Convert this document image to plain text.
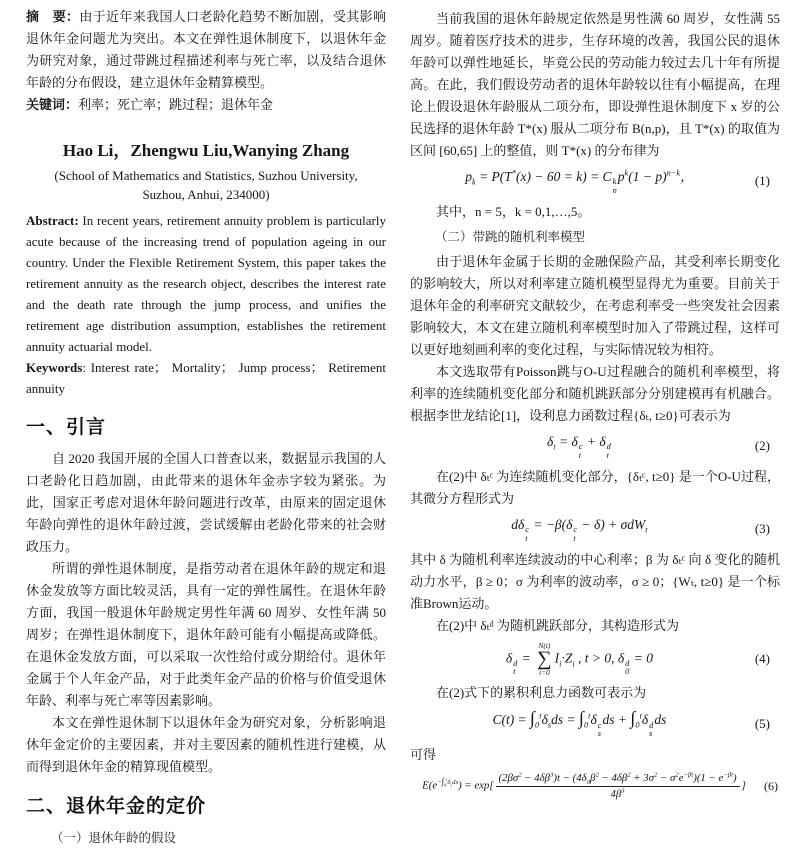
摘　要：由于近年来我国人口老龄化趋势不断加剧，受其影响退休年金问题尤为突出。本文在弹性退休制度下，以退休年金为研究对象，通过带跳过程描述利率与死亡率，以及结合退休年龄的分布假设，建立退休年金精算模型。

关键词：利率；死亡率；跳过程；退休年金

Hao Li，Zhengwu Liu,Wanying Zhang

(School of Mathematics and Statistics, Suzhou University, Suzhou, Anhui, 234000)

Abstract: In recent years, retirement annuity problem is particularly acute because of the increasing trend of population ageing in our country. Under the Flexible Retirement System, this paper takes the retirement annuity as the research object, describes the interest rate and the death rate through the jump process, and unifies the retirement age distribution assumption, establishes the retirement annuity actuarial model.

Keywords: Interest rate； Mortality； Jump process； Retirement annuity

一、引言

自 2020 我国开展的全国人口普查以来，数据显示我国的人口老龄化日趋加剧，由此带来的退休年金赤字较为紧张。为此，国家正考虑对退休年龄问题进行改革，由原来的固定退休年龄向弹性的退休年龄过渡，尝试缓解由老龄化带来的社会财政压力。

所谓的弹性退休制度，是指劳动者在退休年龄的规定和退休金发放等方面比较灵活，具有一定的弹性属性。在退休年龄方面，我国一般退休年龄规定男性年满 60 周岁、女性年满 50 周岁；在弹性退休制度下，退休年龄可能有小幅提高或降低。在退休金发放方面，可以采取一次性给付或分期给付。退休年金属于个人年金产品，对于此类年金产品的价格与价值受退休年龄、利率与死亡率等因素影响。

本文在弹性退休制下以退休年金为研究对象，分析影响退休年金定价的主要因素，并对主要因素的随机性进行建模，从而得到退休年金的精算现值模型。

二、退休年金的定价

（一）退休年龄的假设

当前我国的退休年龄规定依然是男性满 60 周岁，女性满 55 周岁。随着医疗技术的进步，生存环境的改善，我国公民的退休年龄可以弹性地延长，毕竟公民的劳动能力较过去几十年有所提高。在此，我们假设劳动者的退休年龄较以往有小幅提高，在理论上假设退休年龄服从二项分布，即设弹性退休制度下 x 岁的公民选择的退休年龄 T*(x) 服从二项分布 B(n,p)，且 T*(x) 的取值为区间 [60,65] 上的整值，则 T*(x) 的分布律为

$p_k = P(T^*(x) - 60 = k) = C$ k
n
$p^k(1 - p)^{n-k}$，	(1)

其中，n = 5，k = 0,1,…,5。

（二）带跳的随机利率模型

由于退休年金属于长期的金融保险产品，其受利率长期变化的影响较大，所以对利率建立随机模型显得尤为重要。目前关于退休年金的利率研究文献较少，在考虑利率受一些突发社会因素影响较大，本文在建立随机利率模型时加入了带跳过程，这样可以更好地刻画利率的变化过程，与实际情况较为相符。

本文选取带有Poisson跳与O-U过程融合的随机利率模型，将利率的连续随机变化部分和随机跳跃部分分别建模再有机融合。根据李世龙结论[1]，设利息力函数过程{δₜ, t≥0}可表示为

$\delta_t = \delta$ c
t
+ δ d
t
(2)

在(2)中 δₜᶜ 为连续随机变化部分，{δₜᶜ, t≥0} 是一个O-U过程，其微分方程形式为

dδ c
t
= −β(δ c
t
− δ) + σdW$_t$	(3)

其中 δ 为随机利率连续波动的中心利率；β 为 δₜᶜ 向 δ 变化的随机动力水平，β ≥ 0；σ 为利率的波动率，σ ≥ 0；{Wₜ, t≥0} 是一个标准Brown运动。

在(2)中 δₜᵈ 为随机跳跃部分，其构造形式为

δ d
t
=
N(t)
∑
i=0
$I_i\cdot Z_i$ , t > 0, δ d
0
= 0	(4)

在(2)式下的累积利息力函数可表示为

$C(t) = \int_0^t\delta_sds = \int_0^t\delta$ c
s
ds + $\int_0^t\delta$ d
s
ds	(5)

可得

$E(e^{-\int_0^t\delta_sds}) = \exp[ \frac{(2\beta\sigma^2 - 4\delta\beta^3)t - (4\delta_0\beta^2 - 4\delta\beta^2 + 3\sigma^2 - \sigma^2e^{-\beta t})(1 - e^{-\beta t})}{4\beta^3}$ ]	(6)
